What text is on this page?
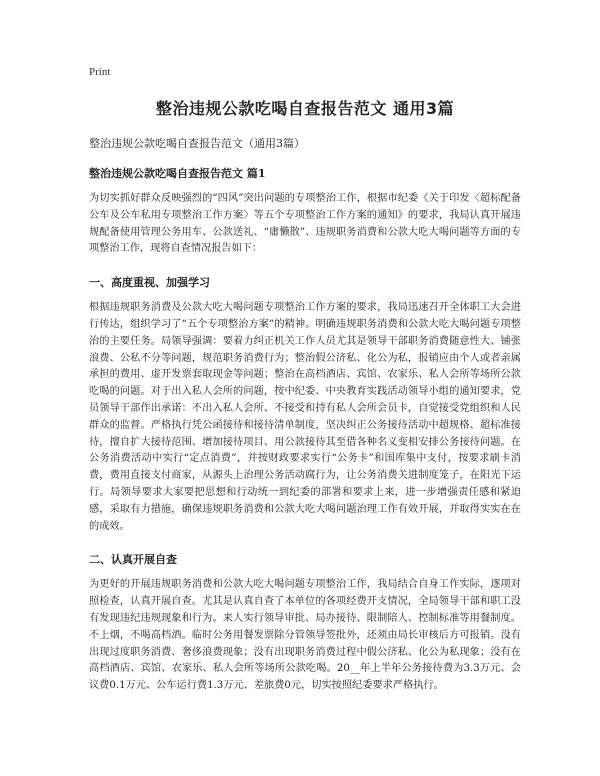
Print

整治违规公款吃喝自查报告范文 通用3篇

整治违规公款吃喝自查报告范文（通用3篇）

整治违规公款吃喝自查报告范文 篇1

为切实抓好群众反映强烈的“四风”突出问题的专项整治工作，根据市纪委《关于印发〈超标配备公车及公车私用专项整治工作方案〉等五个专项整治工作方案的通知》的要求，我局认真开展违规配备使用管理公务用车、公款送礼、“庸懒散”、违规职务消费和公款大吃大喝问题等方面的专项整治工作，现将自查情况报告如下：

一、高度重视、加强学习

根据违规职务消费及公款大吃大喝问题专项整治工作方案的要求，我局迅速召开全体职工大会进行传达，组织学习了“五个专项整治方案”的精神。明确违规职务消费和公款大吃大喝问题专项整治的主要任务。局领导强调：要着力纠正机关工作人员尤其是领导干部职务消费随意性大、铺张浪费、公私不分等问题，规范职务消费行为；整治假公济私、化公为私，报销应由个人或者亲属承担的费用、虚开发票套取现金等问题；整治在高档酒店、宾馆、农家乐、私人会所等场所公款吃喝的问题。对于出入私人会所的问题，按中纪委、中央教育实践活动领导小组的通知要求，党员领导干部作出承诺：不出入私人会所、不接受和持有私人会所会员卡，自觉接受党组织和人民群众的监督。严格执行凭公函接待和接待清单制度，坚决纠正公务接待活动中超规格、超标准接待，擅自扩大接待范围、增加接待项目、用公款接待其至借各种名义变相安排公务接待问题。在公务消费活动中实行“定点消费”，并按财政要求实行“公务卡”和国库集中支付，按要求刷卡消费，费用直接支付商家，从源头上治理公务活动腐行为，让公务消费关进制度笼子，在阳光下运行。局领导要求大家要把思想和行动统一到纪委的部署和要求上来，进一步增强责任感和紧迫感，采取有力措施，确保违规职务消费和公款大吃大喝问题治理工作有效开展，并取得实实在在的成效。

二、认真开展自查

为更好的开展违规职务消费和公款大吃大喝问题专项整治工作，我局结合自身工作实际，逐项对照检查，认真开展自查。尤其是认真自查了本单位的各项经费开支情况，全局领导干部和职工没有发现违纪违规现象和行为。来人实行领导审批、局办接待、限制陪人、控制标准等用餐制度。不上烟，不喝高档酒。临时公务用餐发票除分管领导签批外，还须由局长审核后方可报销。没有出现过度职务消费、奢侈浪费现象；没有出现职务消费过程中假公济私、化公为私现象；没有在高档酒店、宾馆、农家乐、私人会所等场所公款吃喝。20__年上半年公务接待费为3.3万元、会议费0.1万元、公车运行费1.3万元、差旅费0元，切实按照纪委要求严格执行。
